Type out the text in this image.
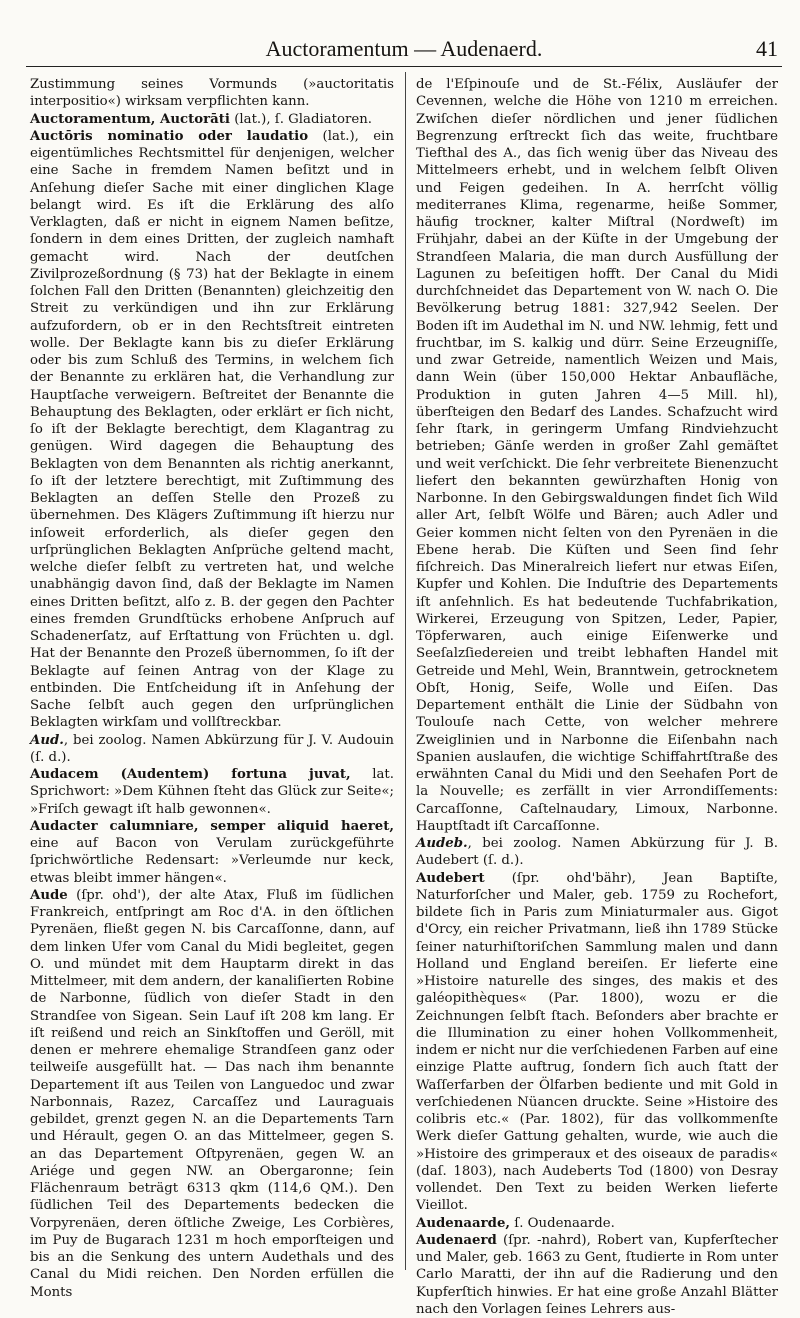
Auctoramentum — Audenaerd.	41

Zustimmung seines Vormunds (»auctoritatis interpositio«) wirksam verpflichten kann.

Auctoramentum, Auctorāti (lat.), ſ. Gladiatoren.

Auctōris nominatio oder laudatio (lat.), ein eigentümliches Rechtsmittel für denjenigen, welcher eine Sache in fremdem Namen beſitzt und in Anſehung dieſer Sache mit einer dinglichen Klage belangt wird. Es iſt die Erklärung des alſo Verklagten, daß er nicht in eignem Namen beſitze, ſondern in dem eines Dritten, der zugleich namhaft gemacht wird. Nach der deutſchen Zivilprozeßordnung (§ 73) hat der Beklagte in einem ſolchen Fall den Dritten (Benannten) gleichzeitig den Streit zu verkündigen und ihn zur Erklärung aufzufordern, ob er in den Rechtsſtreit eintreten wolle. Der Beklagte kann bis zu dieſer Erklärung oder bis zum Schluß des Termins, in welchem ſich der Benannte zu erklären hat, die Verhandlung zur Hauptſache verweigern. Beſtreitet der Benannte die Behauptung des Beklagten, oder erklärt er ſich nicht, ſo iſt der Beklagte berechtigt, dem Klagantrag zu genügen. Wird dagegen die Behauptung des Beklagten von dem Benannten als richtig anerkannt, ſo iſt der letztere berechtigt, mit Zuſtimmung des Beklagten an deſſen Stelle den Prozeß zu übernehmen. Des Klägers Zuſtimmung iſt hierzu nur inſoweit erforderlich, als dieſer gegen den urſprünglichen Beklagten Anſprüche geltend macht, welche dieſer ſelbſt zu vertreten hat, und welche unabhängig davon ſind, daß der Beklagte im Namen eines Dritten beſitzt, alſo z. B. der gegen den Pachter eines fremden Grundſtücks erhobene Anſpruch auf Schadenerſatz, auf Erſtattung von Früchten u. dgl. Hat der Benannte den Prozeß übernommen, ſo iſt der Beklagte auf ſeinen Antrag von der Klage zu entbinden. Die Entſcheidung iſt in Anſehung der Sache ſelbſt auch gegen den urſprünglichen Beklagten wirkſam und vollſtreckbar.

Aud., bei zoolog. Namen Abkürzung für J. V. Audouin (ſ. d.).

Audacem (Audentem) fortuna juvat, lat. Sprichwort: »Dem Kühnen ſteht das Glück zur Seite«; »Friſch gewagt iſt halb gewonnen«.

Audacter calumniare, semper aliquid haeret, eine auf Bacon von Verulam zurückgeführte ſprichwörtliche Redensart: »Verleumde nur keck, etwas bleibt immer hängen«.

Aude (ſpr. ohd'), der alte Atax, Fluß im ſüdlichen Frankreich, entſpringt am Roc d'A. in den öſtlichen Pyrenäen, fließt gegen N. bis Carcaſſonne, dann, auf dem linken Ufer vom Canal du Midi begleitet, gegen O. und mündet mit dem Hauptarm direkt in das Mittelmeer, mit dem andern, der kanaliſierten Robine de Narbonne, ſüdlich von dieſer Stadt in den Strandſee von Sigean. Sein Lauf iſt 208 km lang. Er iſt reißend und reich an Sinkſtoffen und Geröll, mit denen er mehrere ehemalige Strandſeen ganz oder teilweiſe ausgefüllt hat. — Das nach ihm benannte Departement iſt aus Teilen von Languedoc und zwar Narbonnais, Razez, Carcaſſez und Lauraguais gebildet, grenzt gegen N. an die Departements Tarn und Hérault, gegen O. an das Mittelmeer, gegen S. an das Departement Oſtpyrenäen, gegen W. an Ariége und gegen NW. an Obergaronne; ſein Flächenraum beträgt 6313 qkm (114,6 QM.). Den ſüdlichen Teil des Departements bedecken die Vorpyrenäen, deren öſtliche Zweige, Les Corbières, im Puy de Bugarach 1231 m hoch emporſteigen und bis an die Senkung des untern Audethals und des Canal du Midi reichen. Den Norden erfüllen die Monts

de l'Eſpinouſe und de St.-Félix, Ausläufer der Cevennen, welche die Höhe von 1210 m erreichen. Zwiſchen dieſer nördlichen und jener ſüdlichen Begrenzung erſtreckt ſich das weite, fruchtbare Tiefthal des A., das ſich wenig über das Niveau des Mittelmeers erhebt, und in welchem ſelbſt Oliven und Feigen gedeihen. In A. herrſcht völlig mediterranes Klima, regenarme, heiße Sommer, häufig trockner, kalter Miſtral (Nordweſt) im Frühjahr, dabei an der Küſte in der Umgebung der Strandſeen Malaria, die man durch Ausfüllung der Lagunen zu beſeitigen hofft. Der Canal du Midi durchſchneidet das Departement von W. nach O. Die Bevölkerung betrug 1881: 327,942 Seelen. Der Boden iſt im Audethal im N. und NW. lehmig, fett und fruchtbar, im S. kalkig und dürr. Seine Erzeugniſſe, und zwar Getreide, namentlich Weizen und Mais, dann Wein (über 150,000 Hektar Anbaufläche, Produktion in guten Jahren 4—5 Mill. hl), überſteigen den Bedarf des Landes. Schafzucht wird ſehr ſtark, in geringerm Umfang Rindviehzucht betrieben; Gänſe werden in großer Zahl gemäſtet und weit verſchickt. Die ſehr verbreitete Bienenzucht liefert den bekannten gewürzhaften Honig von Narbonne. In den Gebirgswaldungen findet ſich Wild aller Art, ſelbſt Wölfe und Bären; auch Adler und Geier kommen nicht ſelten von den Pyrenäen in die Ebene herab. Die Küſten und Seen ſind ſehr fiſchreich. Das Mineralreich liefert nur etwas Eiſen, Kupfer und Kohlen. Die Induſtrie des Departements iſt anſehnlich. Es hat bedeutende Tuchfabrikation, Wirkerei, Erzeugung von Spitzen, Leder, Papier, Töpferwaren, auch einige Eiſenwerke und Seeſalzſiedereien und treibt lebhaften Handel mit Getreide und Mehl, Wein, Branntwein, getrocknetem Obſt, Honig, Seife, Wolle und Eiſen. Das Departement enthält die Linie der Südbahn von Toulouſe nach Cette, von welcher mehrere Zweiglinien und in Narbonne die Eiſenbahn nach Spanien auslaufen, die wichtige Schiffahrtſtraße des erwähnten Canal du Midi und den Seehafen Port de la Nouvelle; es zerfällt in vier Arrondiſſements: Carcaſſonne, Caſtelnaudary, Limoux, Narbonne. Hauptſtadt iſt Carcaſſonne.

Audeb., bei zoolog. Namen Abkürzung für J. B. Audebert (ſ. d.).

Audebert (ſpr. ohd'bähr), Jean Baptiſte, Naturforſcher und Maler, geb. 1759 zu Rochefort, bildete ſich in Paris zum Miniaturmaler aus. Gigot d'Orcy, ein reicher Privatmann, ließ ihn 1789 Stücke ſeiner naturhiſtoriſchen Sammlung malen und dann Holland und England bereiſen. Er lieferte eine »Histoire naturelle des singes, des makis et des galéopithèques« (Par. 1800), wozu er die Zeichnungen ſelbſt ſtach. Beſonders aber brachte er die Illumination zu einer hohen Vollkommenheit, indem er nicht nur die verſchiedenen Farben auf eine einzige Platte auftrug, ſondern ſich auch ſtatt der Waſſerfarben der Ölfarben bediente und mit Gold in verſchiedenen Nüancen druckte. Seine »Histoire des colibris etc.« (Par. 1802), für das vollkommenſte Werk dieſer Gattung gehalten, wurde, wie auch die »Histoire des grimperaux et des oiseaux de paradis« (daſ. 1803), nach Audeberts Tod (1800) von Desray vollendet. Den Text zu beiden Werken lieferte Vieillot.

Audenaarde, ſ. Oudenaarde.

Audenaerd (ſpr. -nahrd), Robert van, Kupferſtecher und Maler, geb. 1663 zu Gent, ſtudierte in Rom unter Carlo Maratti, der ihn auf die Radierung und den Kupferſtich hinwies. Er hat eine große Anzahl Blätter nach den Vorlagen ſeines Lehrers aus-
